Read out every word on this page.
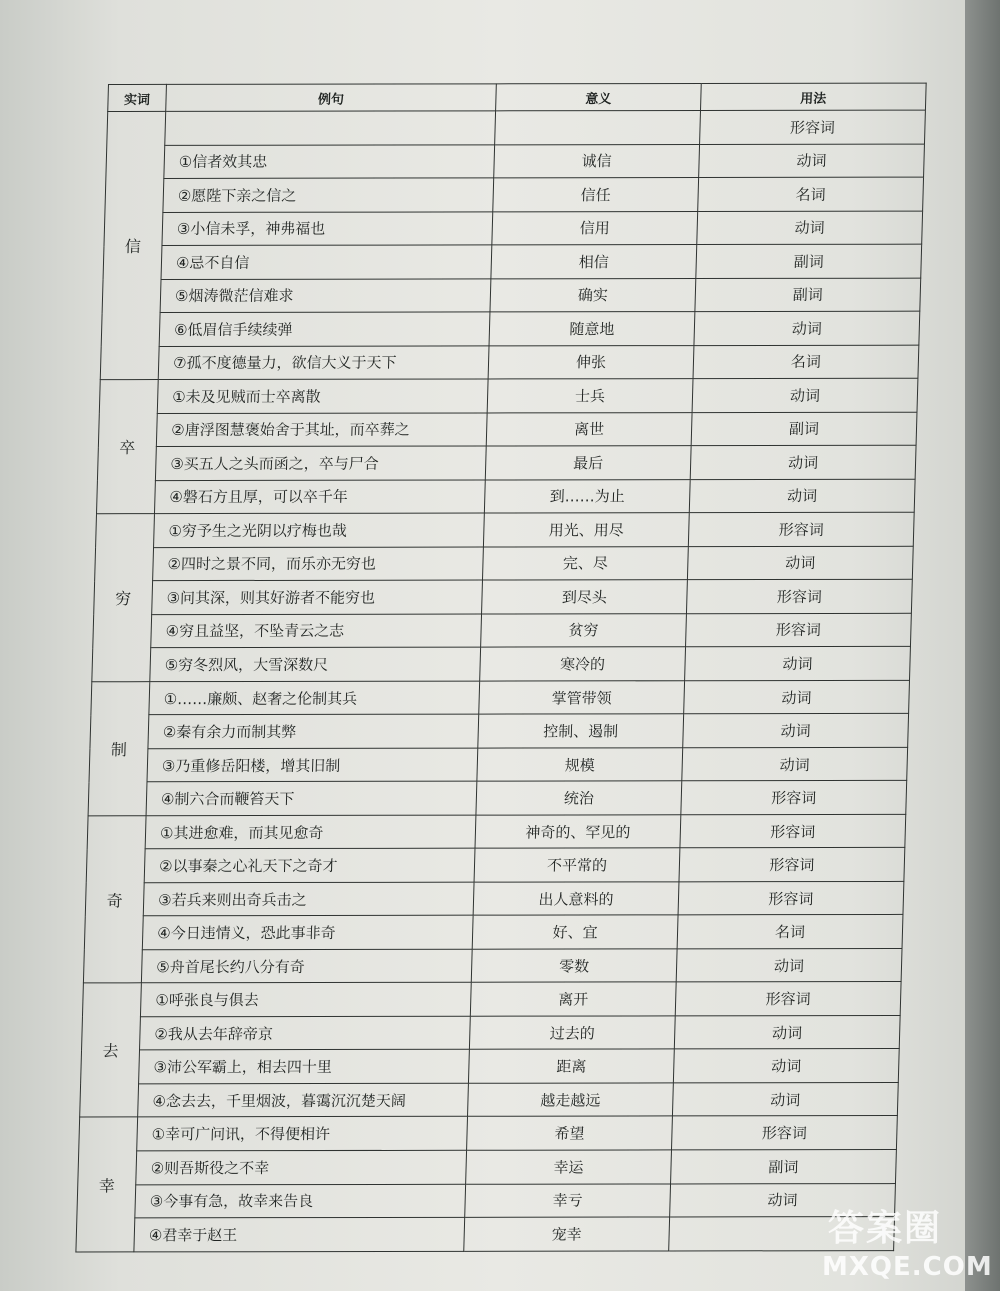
实词	例句	意义	用法
信			形容词
	①信者效其忠	诚信	动词
	②愿陛下亲之信之	信任	名词
	③小信未孚，神弗福也	信用	动词
	④忌不自信	相信	副词
	⑤烟涛微茫信难求	确实	副词
	⑥低眉信手续续弹	随意地	动词
	⑦孤不度德量力，欲信大义于天下	伸张	名词
卒	①未及见贼而士卒离散	士兵	动词
	②唐浮图慧褒始舍于其址，而卒葬之	离世	副词
	③买五人之头而函之，卒与尸合	最后	动词
	④磐石方且厚，可以卒千年	到……为止	动词
穷	①穷予生之光阴以疗梅也哉	用光、用尽	形容词
	②四时之景不同，而乐亦无穷也	完、尽	动词
	③问其深，则其好游者不能穷也	到尽头	形容词
	④穷且益坚，不坠青云之志	贫穷	形容词
	⑤穷冬烈风，大雪深数尺	寒冷的	动词
制	①……廉颇、赵奢之伦制其兵	掌管带领	动词
	②秦有余力而制其弊	控制、遏制	动词
	③乃重修岳阳楼，增其旧制	规模	动词
	④制六合而鞭笞天下	统治	形容词
奇	①其进愈难，而其见愈奇	神奇的、罕见的	形容词
	②以事秦之心礼天下之奇才	不平常的	形容词
	③若兵来则出奇兵击之	出人意料的	形容词
	④今日违情义，恐此事非奇	好、宜	名词
	⑤舟首尾长约八分有奇	零数	动词
去	①呼张良与俱去	离开	形容词
	②我从去年辞帝京	过去的	动词
	③沛公军霸上，相去四十里	距离	动词
	④念去去，千里烟波，暮霭沉沉楚天阔	越走越远	动词
幸	①幸可广问讯，不得便相许	希望	形容词
	②则吾斯役之不幸	幸运	副词
	③今事有急，故幸来告良	幸亏	动词
	④君幸于赵王	宠幸		答案圈
MXQE.COM
